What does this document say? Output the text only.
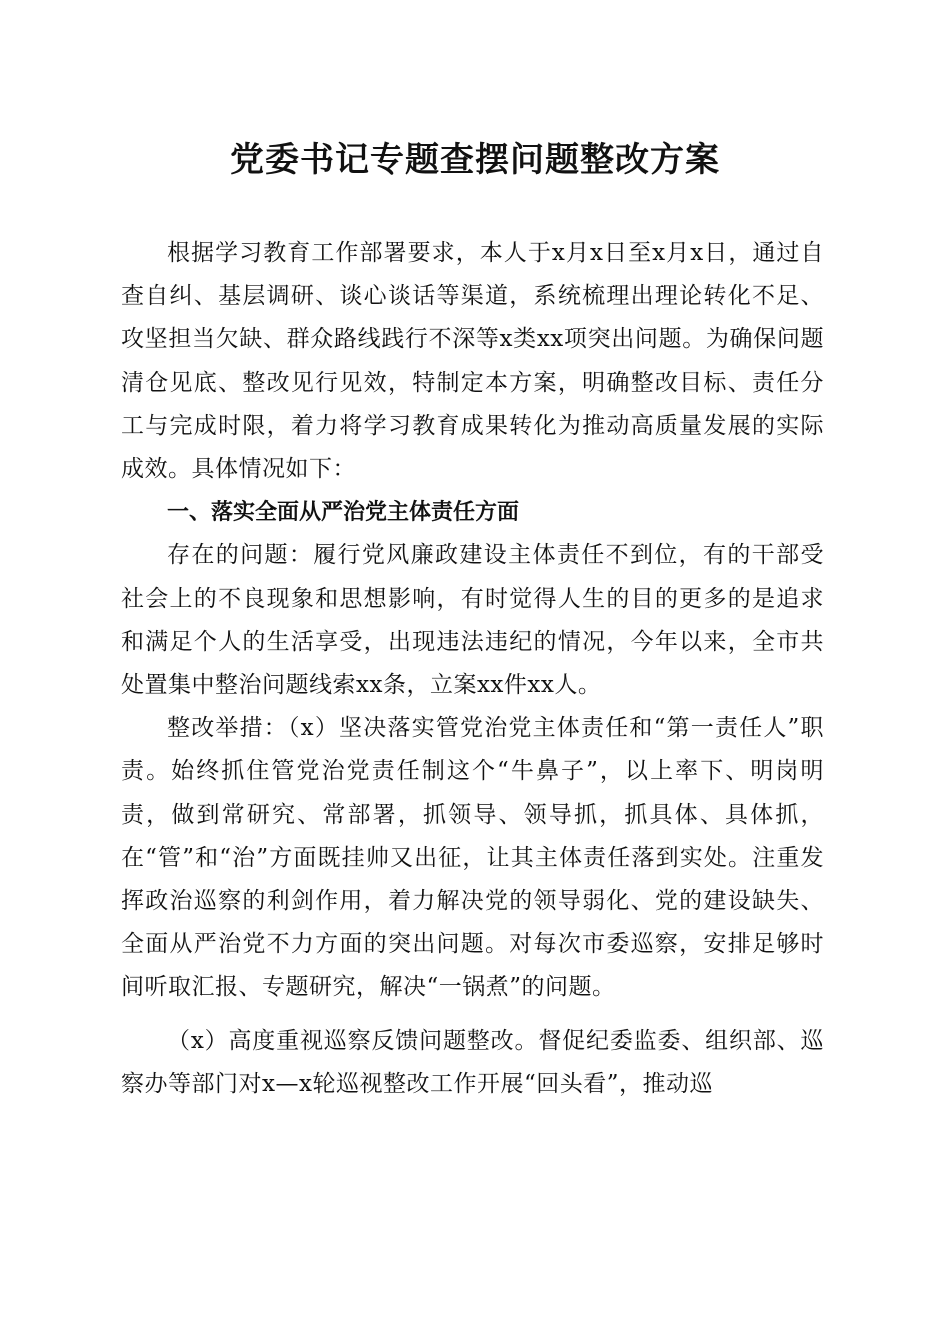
党委书记专题查摆问题整改方案

根据学习教育工作部署要求，本人于x月x日至x月x日，通过自查自纠、基层调研、谈心谈话等渠道，系统梳理出理论转化不足、攻坚担当欠缺、群众路线践行不深等x类xx项突出问题。为确保问题清仓见底、整改见行见效，特制定本方案，明确整改目标、责任分工与完成时限，着力将学习教育成果转化为推动高质量发展的实际成效。具体情况如下：

一、落实全面从严治党主体责任方面

存在的问题：履行党风廉政建设主体责任不到位，有的干部受社会上的不良现象和思想影响，有时觉得人生的目的更多的是追求和满足个人的生活享受，出现违法违纪的情况，今年以来，全市共处置集中整治问题线索xx条，立案xx件xx人。

整改举措：（x）坚决落实管党治党主体责任和“第一责任人”职责。始终抓住管党治党责任制这个“牛鼻子”，以上率下、明岗明责，做到常研究、常部署，抓领导、领导抓，抓具体、具体抓，在“管”和“治”方面既挂帅又出征，让其主体责任落到实处。注重发挥政治巡察的利剑作用，着力解决党的领导弱化、党的建设缺失、全面从严治党不力方面的突出问题。对每次市委巡察，安排足够时间听取汇报、专题研究，解决“一锅煮”的问题。

（x）高度重视巡察反馈问题整改。督促纪委监委、组织部、巡察办等部门对x—x轮巡视整改工作开展“回头看”，推动巡
